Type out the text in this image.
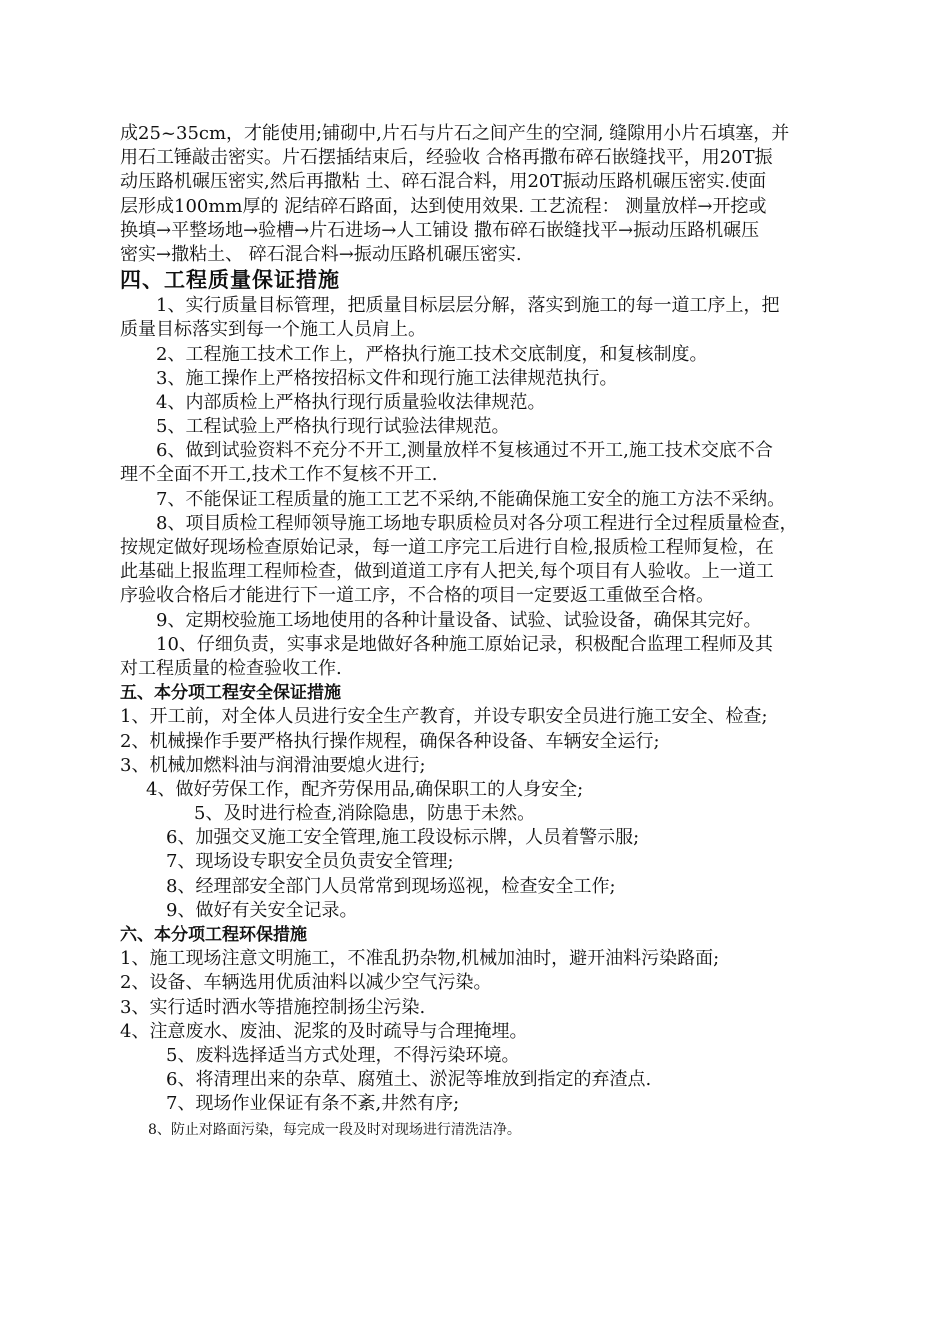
成25~35cm，才能使用;铺砌中,片石与片石之间产生的空洞, 缝隙用小片石填塞，并
用石工锤敲击密实。片石摆插结束后，经验收 合格再撒布碎石嵌缝找平，用20T振
动压路机碾压密实,然后再撒粘 土、碎石混合料，用20T振动压路机碾压密实.使面
层形成100mm厚的 泥结碎石路面，达到使用效果. 工艺流程： 测量放样→开挖或
换填→平整场地→验槽→片石进场→人工铺设 撒布碎石嵌缝找平→振动压路机碾压
密实→撒粘土、 碎石混合料→振动压路机碾压密实.
四、工程质量保证措施
1、实行质量目标管理，把质量目标层层分解，落实到施工的每一道工序上，把
质量目标落实到每一个施工人员肩上。
2、工程施工技术工作上，严格执行施工技术交底制度，和复核制度。
3、施工操作上严格按招标文件和现行施工法律规范执行。
4、内部质检上严格执行现行质量验收法律规范。
5、工程试验上严格执行现行试验法律规范。
6、做到试验资料不充分不开工,测量放样不复核通过不开工,施工技术交底不合
理不全面不开工,技术工作不复核不开工.
7、不能保证工程质量的施工工艺不采纳,不能确保施工安全的施工方法不采纳。
8、项目质检工程师领导施工场地专职质检员对各分项工程进行全过程质量检查，
按规定做好现场检查原始记录，每一道工序完工后进行自检,报质检工程师复检，在
此基础上报监理工程师检查，做到道道工序有人把关,每个项目有人验收。上一道工
序验收合格后才能进行下一道工序，不合格的项目一定要返工重做至合格。
9、定期校验施工场地使用的各种计量设备、试验、试验设备，确保其完好。
10、仔细负责，实事求是地做好各种施工原始记录，积极配合监理工程师及其
对工程质量的检查验收工作.
五、本分项工程安全保证措施
1、开工前，对全体人员进行安全生产教育，并设专职安全员进行施工安全、检查;
2、机械操作手要严格执行操作规程，确保各种设备、车辆安全运行;
3、机械加燃料油与润滑油要熄火进行;
4、做好劳保工作，配齐劳保用品,确保职工的人身安全;
5、及时进行检查,消除隐患，防患于未然。
6、加强交叉施工安全管理,施工段设标示牌，人员着警示服;
7、现场设专职安全员负责安全管理;
8、经理部安全部门人员常常到现场巡视，检查安全工作;
9、做好有关安全记录。
六、本分项工程环保措施
1、施工现场注意文明施工，不准乱扔杂物,机械加油时，避开油料污染路面;
2、设备、车辆选用优质油料以减少空气污染。
3、实行适时洒水等措施控制扬尘污染.
4、注意废水、废油、泥浆的及时疏导与合理掩埋。
5、废料选择适当方式处理，不得污染环境。
6、将清理出来的杂草、腐殖土、淤泥等堆放到指定的弃渣点.
7、现场作业保证有条不紊,井然有序;
8、防止对路面污染，每完成一段及时对现场进行清洗洁净。
